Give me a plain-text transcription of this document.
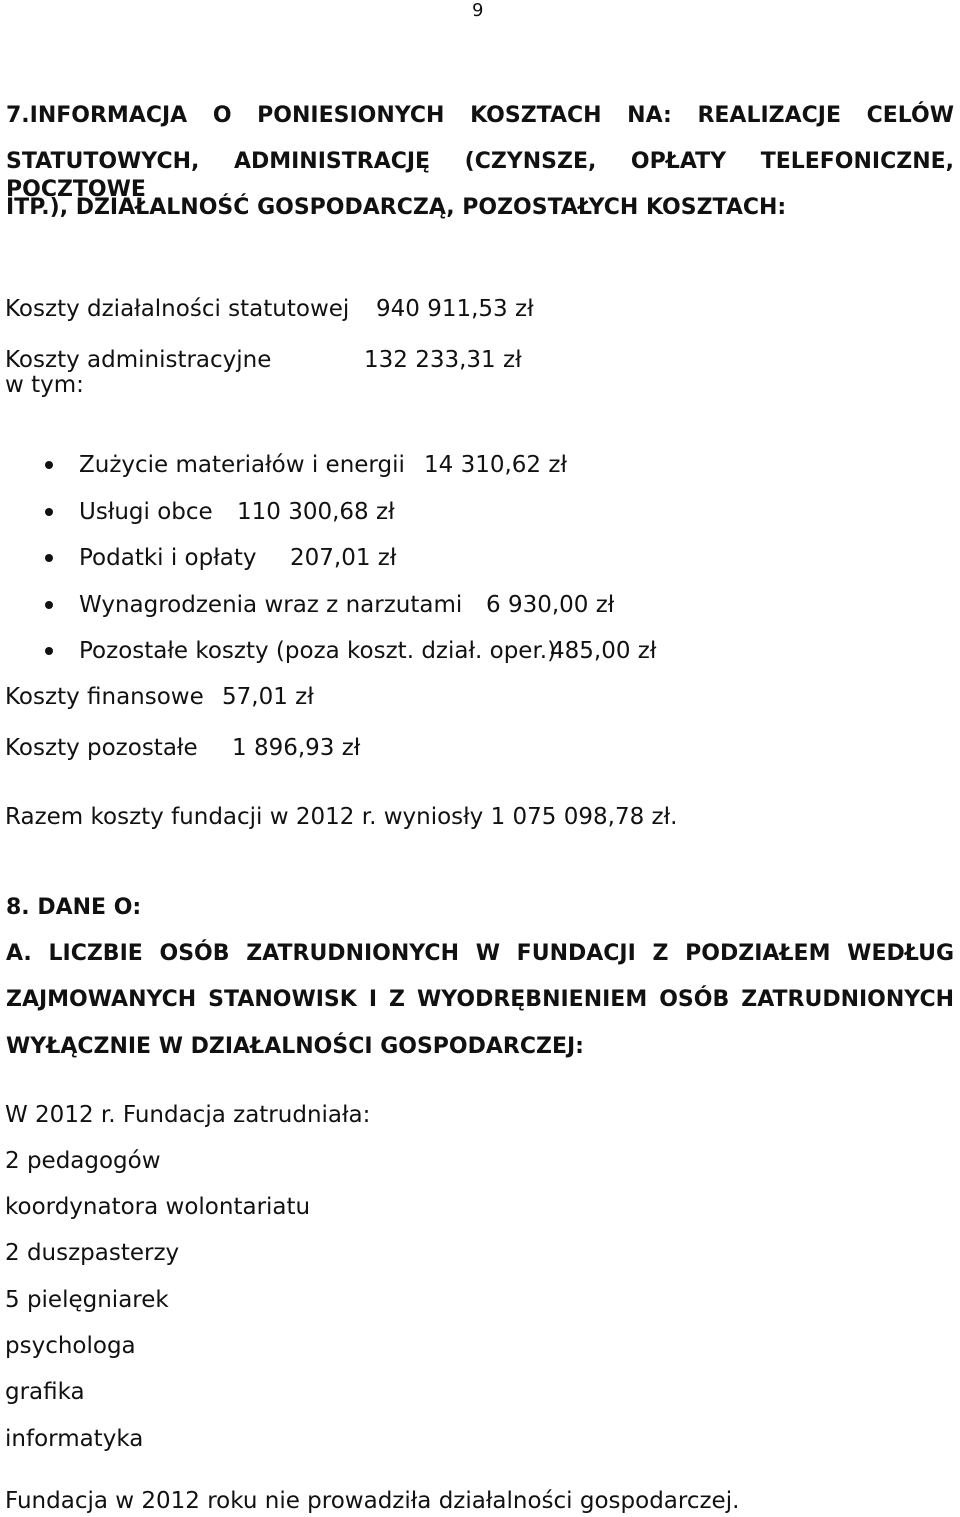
9
7.INFORMACJA O PONIESIONYCH KOSZTACH NA: REALIZACJE CELÓW
STATUTOWYCH, ADMINISTRACJĘ (CZYNSZE, OPŁATY TELEFONICZNE, POCZTOWE
ITP.), DZIAŁALNOŚĆ GOSPODARCZĄ, POZOSTAŁYCH KOSZTACH:
Koszty działalności statutowej 940 911,53 zł
Koszty administracyjne	132 233,31 zł
w tym:
Zużycie materiałów i energii 14 310,62 zł
Usługi obce 110 300,68 zł
Podatki i opłaty 207,01 zł
Wynagrodzenia wraz z narzutami 6 930,00 zł
Pozostałe koszty (poza koszt. dział. oper.)
485,00 zł
Koszty finansowe 57,01 zł
Koszty pozostałe 1 896,93 zł
Razem koszty fundacji w 2012 r. wyniosły 1 075 098,78 zł.
8. DANE O:
A. LICZBIE OSÓB ZATRUDNIONYCH W FUNDACJI Z PODZIAŁEM WEDŁUG
ZAJMOWANYCH STANOWISK I Z WYODRĘBNIENIEM OSÓB ZATRUDNIONYCH
WYŁĄCZNIE W DZIAŁALNOŚCI GOSPODARCZEJ:
W 2012 r. Fundacja zatrudniała:
2 pedagogów
koordynatora wolontariatu
2 duszpasterzy
5 pielęgniarek
psychologa
grafika
informatyka
Fundacja w 2012 roku nie prowadziła działalności gospodarczej.
